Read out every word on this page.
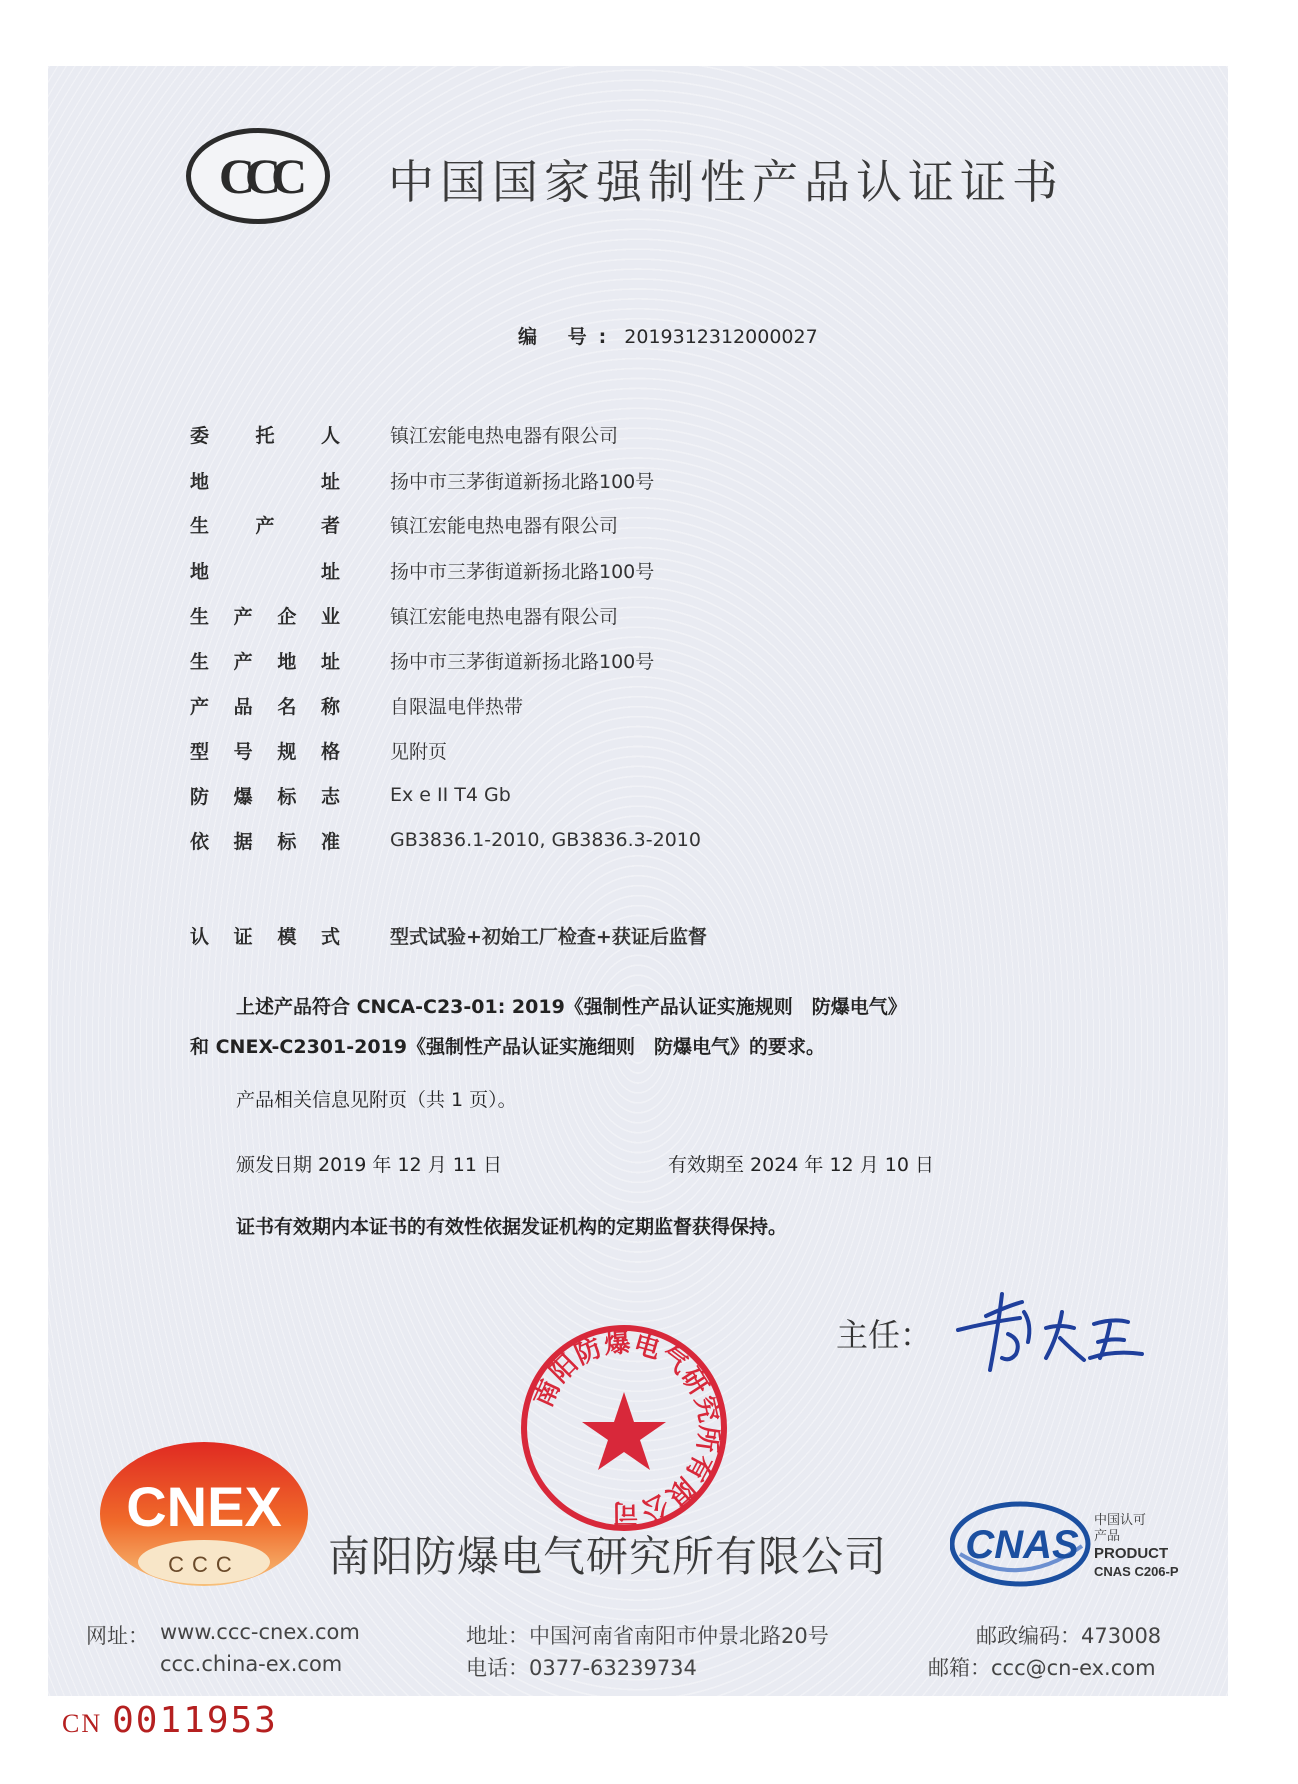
CCC	中国国家强制性产品认证证书
编 号: 2019312312000027
委 托 人	镇江宏能电热电器有限公司
地	址	扬中市三茅街道新扬北路100号
生 产 者	镇江宏能电热电器有限公司
地	址	扬中市三茅街道新扬北路100号
生 产 企 业	镇江宏能电热电器有限公司
生 产 地 址	扬中市三茅街道新扬北路100号
产 品 名 称	自限温电伴热带
型 号 规 格	见附页
防 爆 标 志	Ex e II T4 Gb
依 据 标 准	GB3836.1-2010, GB3836.3-2010
认 证 模 式	型式试验+初始工厂检查+获证后监督
上述产品符合 CNCA-C23-01: 2019《强制性产品认证实施规则　防爆电气》
和 CNEX-C2301-2019《强制性产品认证实施细则　防爆电气》的要求。
产品相关信息见附页（共 1 页）。
颁发日期 2019 年 12 月 11 日	有效期至 2024 年 12 月 10 日
证书有效期内本证书的有效性依据发证机构的定期监督获得保持。
主任：
南阳防爆电气研究所有限公司
CNEX
CCC 南阳防爆电气研究所有限公司 CNAS
中国认可
产品
PRODUCT
CNAS C206-P
网址： www.ccc-cnex.com
ccc.china-ex.com
地址：中国河南省南阳市仲景北路20号
电话：0377-63239734
邮政编码：473008
邮箱：ccc@cn-ex.com
CN 0011953
